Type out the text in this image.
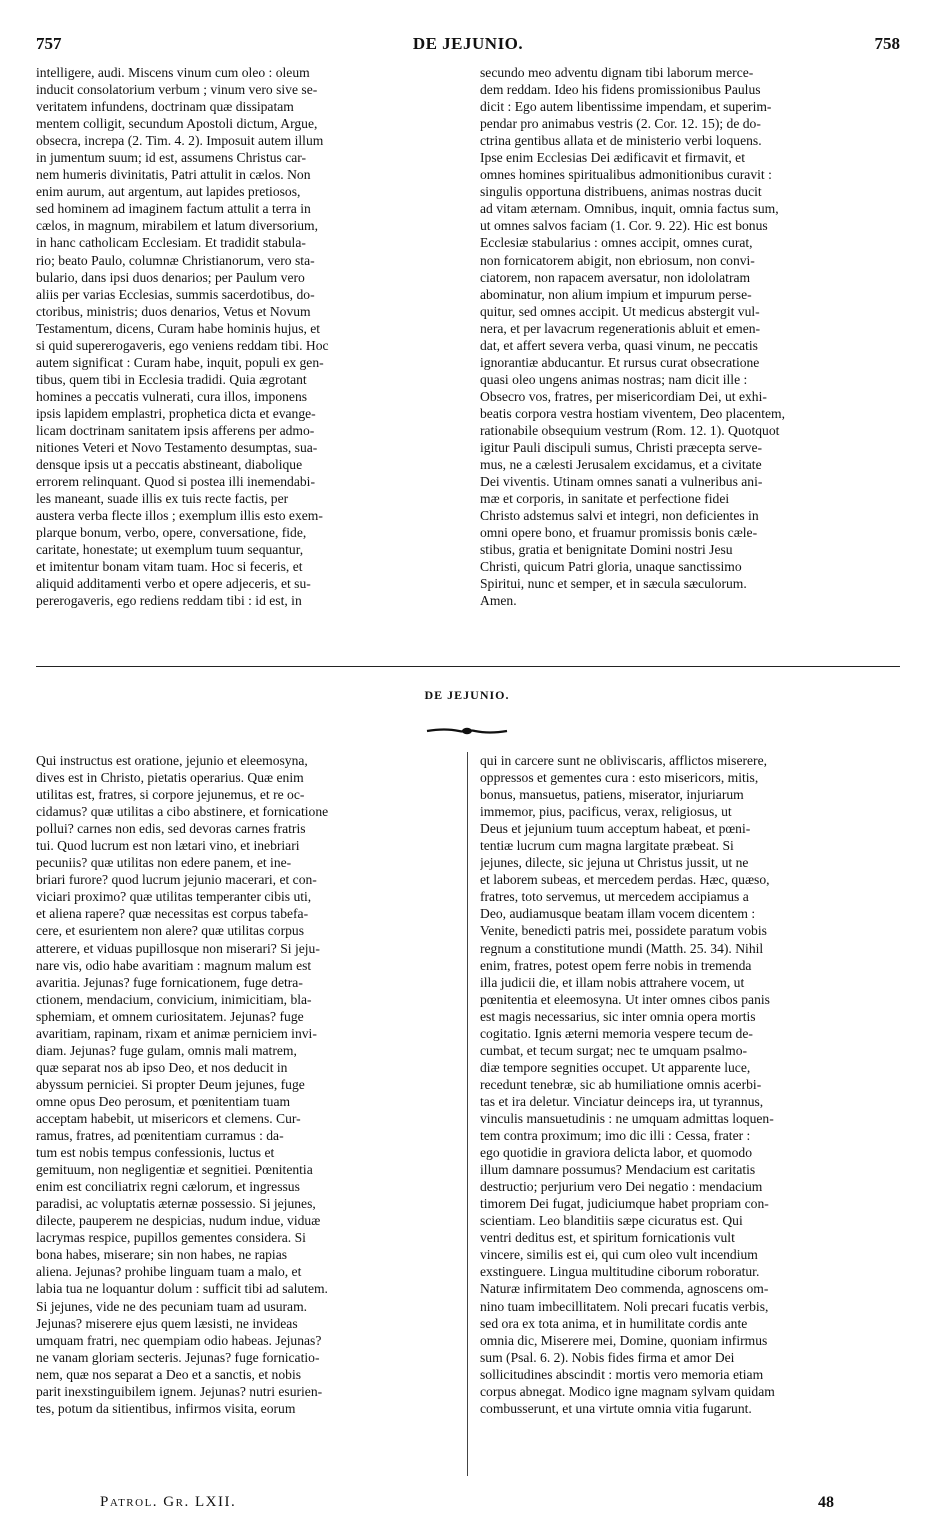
757	DE JEJUNIO.	758
intelligere, audi. Miscens vinum cum oleo : oleum
inducit consolatorium verbum ; vinum vero sive se-
veritatem infundens, doctrinam quæ dissipatam
mentem colligit, secundum Apostoli dictum, Argue,
obsecra, increpa (2. Tim. 4. 2). Imposuit autem illum
in jumentum suum; id est, assumens Christus car-
nem humeris divinitatis, Patri attulit in cælos. Non
enim aurum, aut argentum, aut lapides pretiosos,
sed hominem ad imaginem factum attulit a terra in
cælos, in magnum, mirabilem et latum diversorium,
in hanc catholicam Ecclesiam. Et tradidit stabula-
rio; beato Paulo, columnæ Christianorum, vero sta-
bulario, dans ipsi duos denarios; per Paulum vero
aliis per varias Ecclesias, summis sacerdotibus, do-
ctoribus, ministris; duos denarios, Vetus et Novum
Testamentum, dicens, Curam habe hominis hujus, et
si quid supererogaveris, ego veniens reddam tibi. Hoc
autem significat : Curam habe, inquit, populi ex gen-
tibus, quem tibi in Ecclesia tradidi. Quia ægrotant
homines a peccatis vulnerati, cura illos, imponens
ipsis lapidem emplastri, prophetica dicta et evange-
licam doctrinam sanitatem ipsis afferens per admo-
nitiones Veteri et Novo Testamento desumptas, sua-
densque ipsis ut a peccatis abstineant, diabolique
errorem relinquant. Quod si postea illi inemendabi-
les maneant, suade illis ex tuis recte factis, per
austera verba flecte illos ; exemplum illis esto exem-
plarque bonum, verbo, opere, conversatione, fide,
caritate, honestate; ut exemplum tuum sequantur,
et imitentur bonam vitam tuam. Hoc si feceris, et
aliquid additamenti verbo et opere adjeceris, et su-
pererogaveris, ego rediens reddam tibi : id est, in
secundo meo adventu dignam tibi laborum merce-
dem reddam. Ideo his fidens promissionibus Paulus
dicit : Ego autem libentissime impendam, et superim-
pendar pro animabus vestris (2. Cor. 12. 15); de do-
ctrina gentibus allata et de ministerio verbi loquens.
Ipse enim Ecclesias Dei ædificavit et firmavit, et
omnes homines spiritualibus admonitionibus curavit :
singulis opportuna distribuens, animas nostras ducit
ad vitam æternam. Omnibus, inquit, omnia factus sum,
ut omnes salvos faciam (1. Cor. 9. 22). Hic est bonus
Ecclesiæ stabularius : omnes accipit, omnes curat,
non fornicatorem abigit, non ebriosum, non convi-
ciatorem, non rapacem aversatur, non idololatram
abominatur, non alium impium et impurum perse-
quitur, sed omnes accipit. Ut medicus abstergit vul-
nera, et per lavacrum regenerationis abluit et emen-
dat, et affert severa verba, quasi vinum, ne peccatis
ignorantiæ abducantur. Et rursus curat obsecratione
quasi oleo ungens animas nostras; nam dicit ille :
Obsecro vos, fratres, per misericordiam Dei, ut exhi-
beatis corpora vestra hostiam viventem, Deo placentem,
rationabile obsequium vestrum (Rom. 12. 1). Quotquot
igitur Pauli discipuli sumus, Christi præcepta serve-
mus, ne a cælesti Jerusalem excidamus, et a civitate
Dei viventis. Utinam omnes sanati a vulneribus ani-
mæ et corporis, in sanitate et perfectione fidei
Christo adstemus salvi et integri, non deficientes in
omni opere bono, et fruamur promissis bonis cæle-
stibus, gratia et benignitate Domini nostri Jesu
Christi, quicum Patri gloria, unaque sanctissimo
Spiritui, nunc et semper, et in sæcula sæculorum.
Amen.
DE JEJUNIO.
Qui instructus est oratione, jejunio et eleemosyna,
dives est in Christo, pietatis operarius. Quæ enim
utilitas est, fratres, si corpore jejunemus, et re oc-
cidamus? quæ utilitas a cibo abstinere, et fornicatione
pollui? carnes non edis, sed devoras carnes fratris
tui. Quod lucrum est non lætari vino, et inebriari
pecuniis? quæ utilitas non edere panem, et ine-
briari furore? quod lucrum jejunio macerari, et con-
viciari proximo? quæ utilitas temperanter cibis uti,
et aliena rapere? quæ necessitas est corpus tabefa-
cere, et esurientem non alere? quæ utilitas corpus
atterere, et viduas pupillosque non miserari? Si jeju-
nare vis, odio habe avaritiam : magnum malum est
avaritia. Jejunas? fuge fornicationem, fuge detra-
ctionem, mendacium, convicium, inimicitiam, bla-
sphemiam, et omnem curiositatem. Jejunas? fuge
avaritiam, rapinam, rixam et animæ perniciem invi-
diam. Jejunas? fuge gulam, omnis mali matrem,
quæ separat nos ab ipso Deo, et nos deducit in
abyssum perniciei. Si propter Deum jejunes, fuge
omne opus Deo perosum, et pœnitentiam tuam
acceptam habebit, ut misericors et clemens. Cur-
ramus, fratres, ad pœnitentiam curramus : da-
tum est nobis tempus confessionis, luctus et
gemituum, non negligentiæ et segnitiei. Pœnitentia
enim est conciliatrix regni cælorum, et ingressus
paradisi, ac voluptatis æternæ possessio. Si jejunes,
dilecte, pauperem ne despicias, nudum indue, viduæ
lacrymas respice, pupillos gementes considera. Si
bona habes, miserare; sin non habes, ne rapias
aliena. Jejunas? prohibe linguam tuam a malo, et
labia tua ne loquantur dolum : sufficit tibi ad salutem.
Si jejunes, vide ne des pecuniam tuam ad usuram.
Jejunas? miserere ejus quem læsisti, ne invideas
umquam fratri, nec quempiam odio habeas. Jejunas?
ne vanam gloriam secteris. Jejunas? fuge fornicatio-
nem, quæ nos separat a Deo et a sanctis, et nobis
parit inexstinguibilem ignem. Jejunas? nutri esurien-
tes, potum da sitientibus, infirmos visita, eorum
qui in carcere sunt ne obliviscaris, afflictos miserere,
oppressos et gementes cura : esto misericors, mitis,
bonus, mansuetus, patiens, miserator, injuriarum
immemor, pius, pacificus, verax, religiosus, ut
Deus et jejunium tuum acceptum habeat, et pœni-
tentiæ lucrum cum magna largitate præbeat. Si
jejunes, dilecte, sic jejuna ut Christus jussit, ut ne
et laborem subeas, et mercedem perdas. Hæc, quæso,
fratres, toto servemus, ut mercedem accipiamus a
Deo, audiamusque beatam illam vocem dicentem :
Venite, benedicti patris mei, possidete paratum vobis
regnum a constitutione mundi (Matth. 25. 34). Nihil
enim, fratres, potest opem ferre nobis in tremenda
illa judicii die, et illam nobis attrahere vocem, ut
pœnitentia et eleemosyna. Ut inter omnes cibos panis
est magis necessarius, sic inter omnia opera mortis
cogitatio. Ignis æterni memoria vespere tecum de-
cumbat, et tecum surgat; nec te umquam psalmo-
diæ tempore segnities occupet. Ut apparente luce,
recedunt tenebræ, sic ab humiliatione omnis acerbi-
tas et ira deletur. Vinciatur deinceps ira, ut tyrannus,
vinculis mansuetudinis : ne umquam admittas loquen-
tem contra proximum; imo dic illi : Cessa, frater :
ego quotidie in graviora delicta labor, et quomodo
illum damnare possumus? Mendacium est caritatis
destructio; perjurium vero Dei negatio : mendacium
timorem Dei fugat, judiciumque habet propriam con-
scientiam. Leo blanditiis sæpe cicuratus est. Qui
ventri deditus est, et spiritum fornicationis vult
vincere, similis est ei, qui cum oleo vult incendium
exstinguere. Lingua multitudine ciborum roboratur.
Naturæ infirmitatem Deo commenda, agnoscens om-
nino tuam imbecillitatem. Noli precari fucatis verbis,
sed ora ex tota anima, et in humilitate cordis ante
omnia dic, Miserere mei, Domine, quoniam infirmus
sum (Psal. 6. 2). Nobis fides firma et amor Dei
sollicitudines abscindit : mortis vero memoria etiam
corpus abnegat. Modico igne magnam sylvam quidam
combusserunt, et una virtute omnia vitia fugarunt.
Patrol. Gr. LXII.	48
